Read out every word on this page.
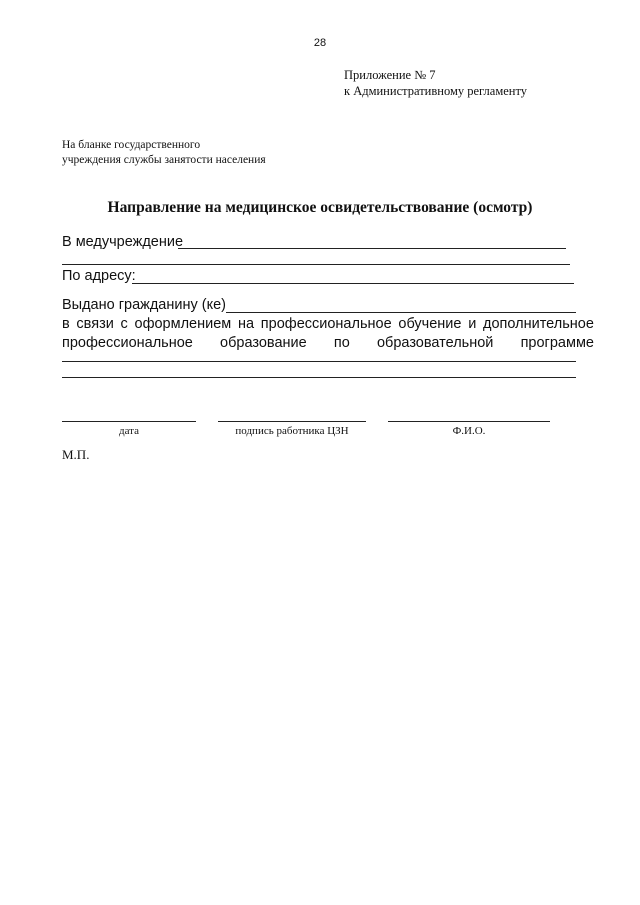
28
Приложение № 7
к Административному регламенту
На бланке государственного
учреждения службы занятости населения
Направление на медицинское освидетельствование (осмотр)
В медучреждение
По адресу:
Выдано гражданину (ке)
в связи с оформлением на профессиональное обучение и дополнительное
профессиональное образование по образовательной программе
дата	подпись работника ЦЗН	Ф.И.О.
М.П.
